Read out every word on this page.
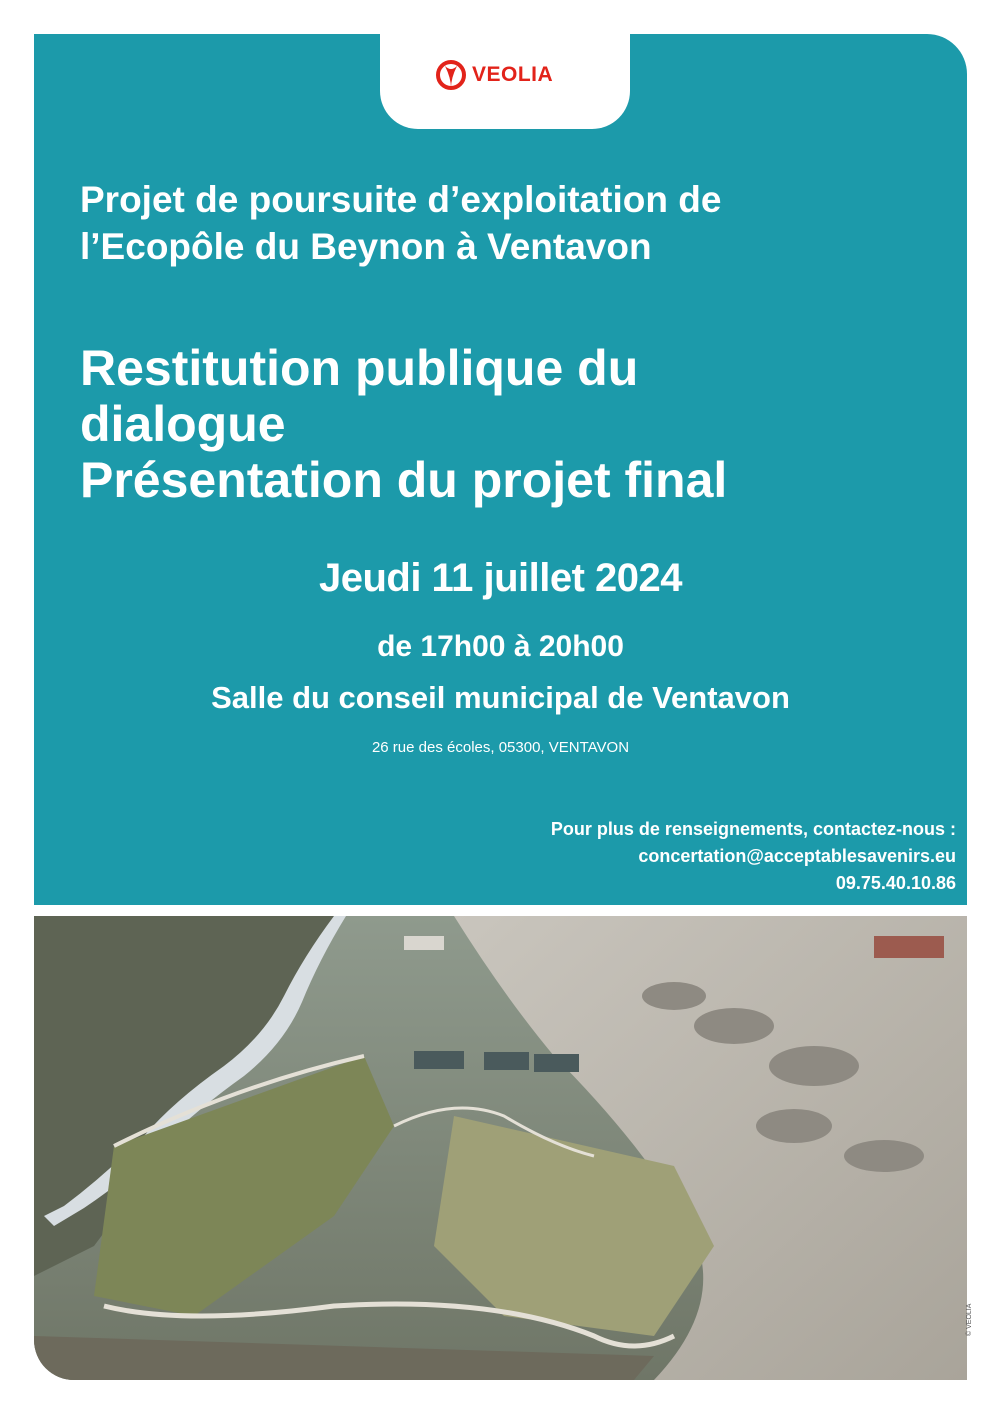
VEOLIA
Projet de poursuite d’exploitation de
l’Ecopôle du Beynon à Ventavon
Restitution publique du
dialogue
Présentation du projet final
Jeudi 11 juillet 2024
de 17h00 à 20h00
Salle du conseil municipal de Ventavon
26 rue des écoles, 05300, VENTAVON
Pour plus de renseignements, contactez-nous :
concertation@acceptablesavenirs.eu
09.75.40.10.86
© VEOLIA
